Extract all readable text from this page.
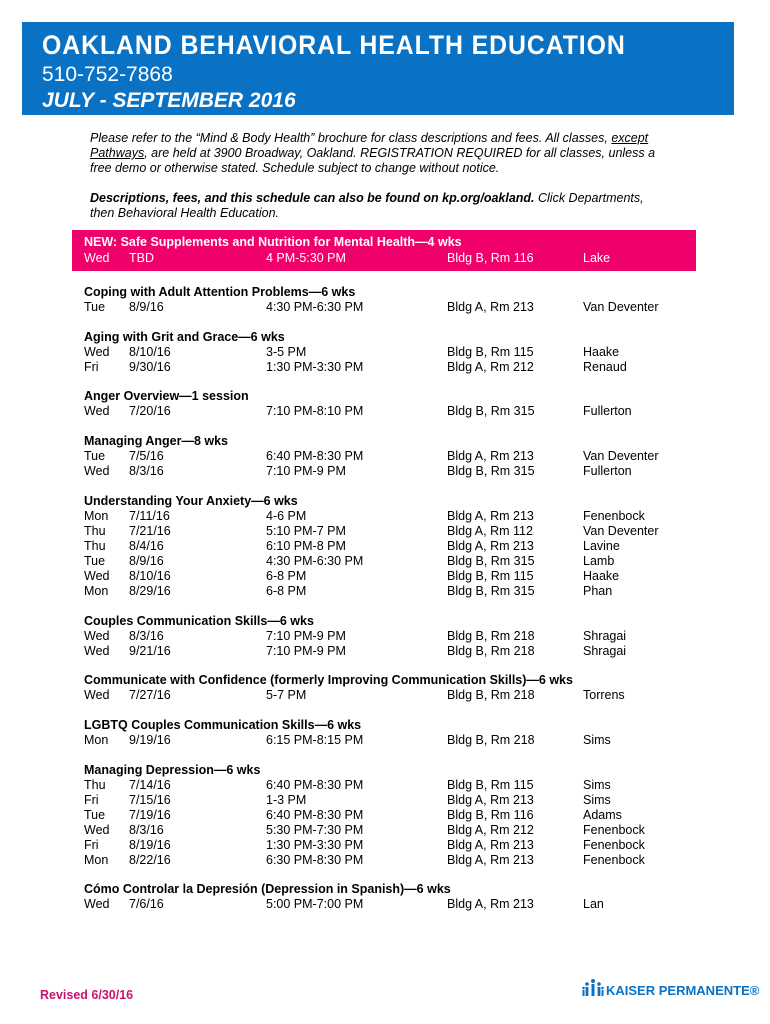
OAKLAND BEHAVIORAL HEALTH EDUCATION
510-752-7868
JULY - SEPTEMBER 2016
Please refer to the “Mind & Body Health” brochure for class descriptions and fees. All classes, except Pathways, are held at 3900 Broadway, Oakland. REGISTRATION REQUIRED for all classes, unless a free demo or otherwise stated. Schedule subject to change without notice.
Descriptions, fees, and this schedule can also be found on kp.org/oakland. Click Departments, then Behavioral Health Education.
NEW: Safe Supplements and Nutrition for Mental Health—4 wks
Wed TBD	4 PM-5:30 PM	Bldg B, Rm 116	Lake
Coping with Adult Attention Problems—6 wks
Tue 8/9/16	4:30 PM-6:30 PM	Bldg A, Rm 213	Van Deventer
Aging with Grit and Grace—6 wks
Wed 8/10/16	3-5 PM	Bldg B, Rm 115	Haake
Fri 9/30/16	1:30 PM-3:30 PM	Bldg A, Rm 212	Renaud
Anger Overview—1 session
Wed 7/20/16	7:10 PM-8:10 PM	Bldg B, Rm 315	Fullerton
Managing Anger—8 wks
Tue 7/5/16	6:40 PM-8:30 PM	Bldg A, Rm 213	Van Deventer
Wed 8/3/16	7:10 PM-9 PM	Bldg B, Rm 315	Fullerton
Understanding Your Anxiety—6 wks
Mon 7/11/16	4-6 PM	Bldg A, Rm 213	Fenenbock
Thu 7/21/16	5:10 PM-7 PM	Bldg A, Rm 112	Van Deventer
Thu 8/4/16	6:10 PM-8 PM	Bldg A, Rm 213	Lavine
Tue 8/9/16	4:30 PM-6:30 PM	Bldg B, Rm 315	Lamb
Wed 8/10/16	6-8 PM	Bldg B, Rm 115	Haake
Mon 8/29/16	6-8 PM	Bldg B, Rm 315	Phan
Couples Communication Skills—6 wks
Wed 8/3/16	7:10 PM-9 PM	Bldg B, Rm 218	Shragai
Wed 9/21/16	7:10 PM-9 PM	Bldg B, Rm 218	Shragai
Communicate with Confidence (formerly Improving Communication Skills)—6 wks
Wed 7/27/16	5-7 PM	Bldg B, Rm 218	Torrens
LGBTQ Couples Communication Skills—6 wks
Mon 9/19/16	6:15 PM-8:15 PM	Bldg B, Rm 218	Sims
Managing Depression—6 wks
Thu 7/14/16	6:40 PM-8:30 PM	Bldg B, Rm 115	Sims
Fri 7/15/16	1-3 PM	Bldg A, Rm 213	Sims
Tue 7/19/16	6:40 PM-8:30 PM	Bldg B, Rm 116	Adams
Wed 8/3/16	5:30 PM-7:30 PM	Bldg A, Rm 212	Fenenbock
Fri 8/19/16	1:30 PM-3:30 PM	Bldg A, Rm 213	Fenenbock
Mon 8/22/16	6:30 PM-8:30 PM	Bldg A, Rm 213	Fenenbock
Cómo Controlar la Depresión (Depression in Spanish)—6 wks
Wed 7/6/16	5:00 PM-7:00 PM	Bldg A, Rm 213	Lan
Revised 6/30/16	KAISER PERMANENTE®
